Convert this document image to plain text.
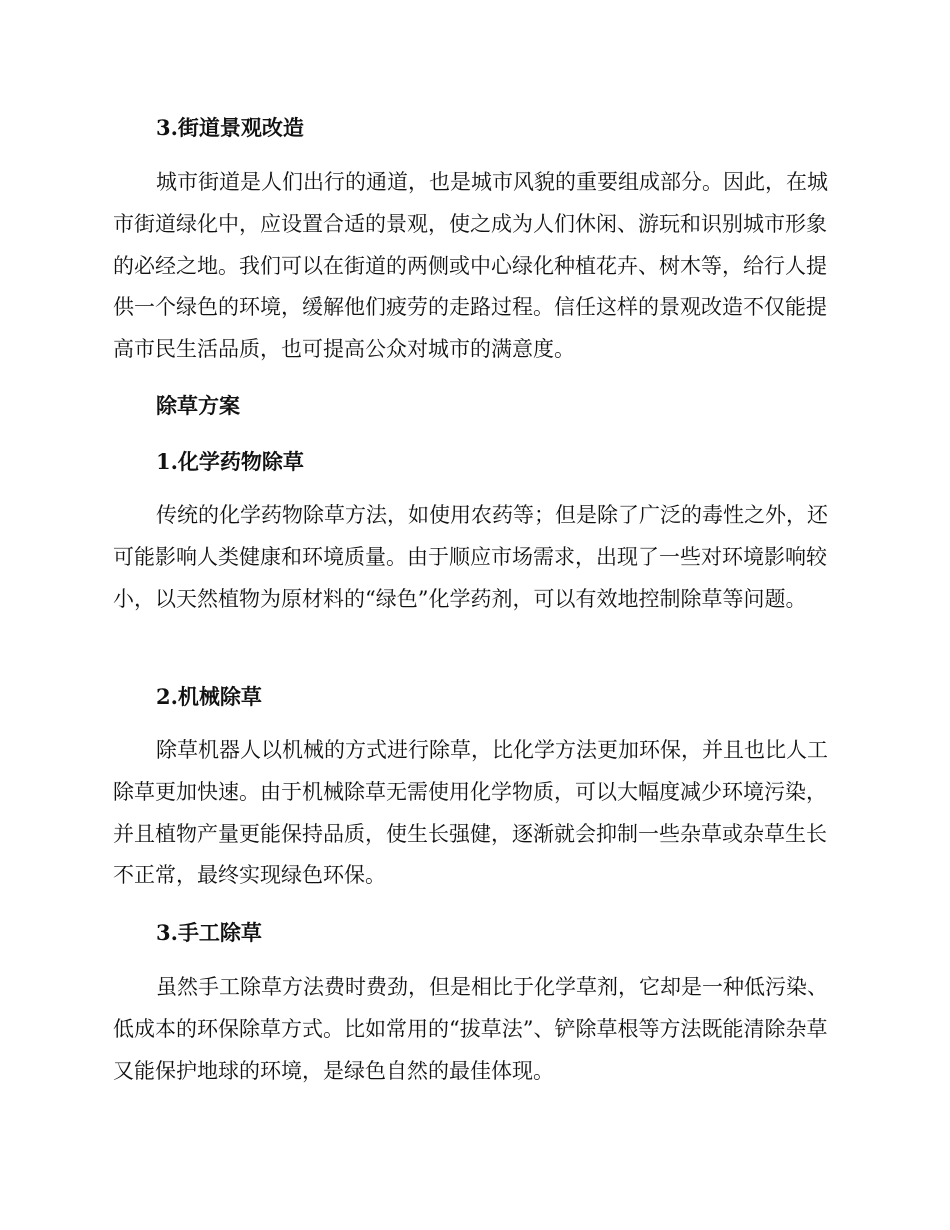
3.街道景观改造

城市街道是人们出行的通道，也是城市风貌的重要组成部分。因此，在城市街道绿化中，应设置合适的景观，使之成为人们休闲、游玩和识别城市形象的必经之地。我们可以在街道的两侧或中心绿化种植花卉、树木等，给行人提供一个绿色的环境，缓解他们疲劳的走路过程。信任这样的景观改造不仅能提高市民生活品质，也可提高公众对城市的满意度。

除草方案
1.化学药物除草

传统的化学药物除草方法，如使用农药等；但是除了广泛的毒性之外，还可能影响人类健康和环境质量。由于顺应市场需求，出现了一些对环境影响较小，以天然植物为原材料的“绿色”化学药剂，可以有效地控制除草等问题。

2.机械除草

除草机器人以机械的方式进行除草，比化学方法更加环保，并且也比人工除草更加快速。由于机械除草无需使用化学物质，可以大幅度减少环境污染，并且植物产量更能保持品质，使生长强健，逐渐就会抑制一些杂草或杂草生长不正常，最终实现绿色环保。

3.手工除草

虽然手工除草方法费时费劲，但是相比于化学草剂，它却是一种低污染、低成本的环保除草方式。比如常用的“拔草法”、铲除草根等方法既能清除杂草又能保护地球的环境，是绿色自然的最佳体现。
